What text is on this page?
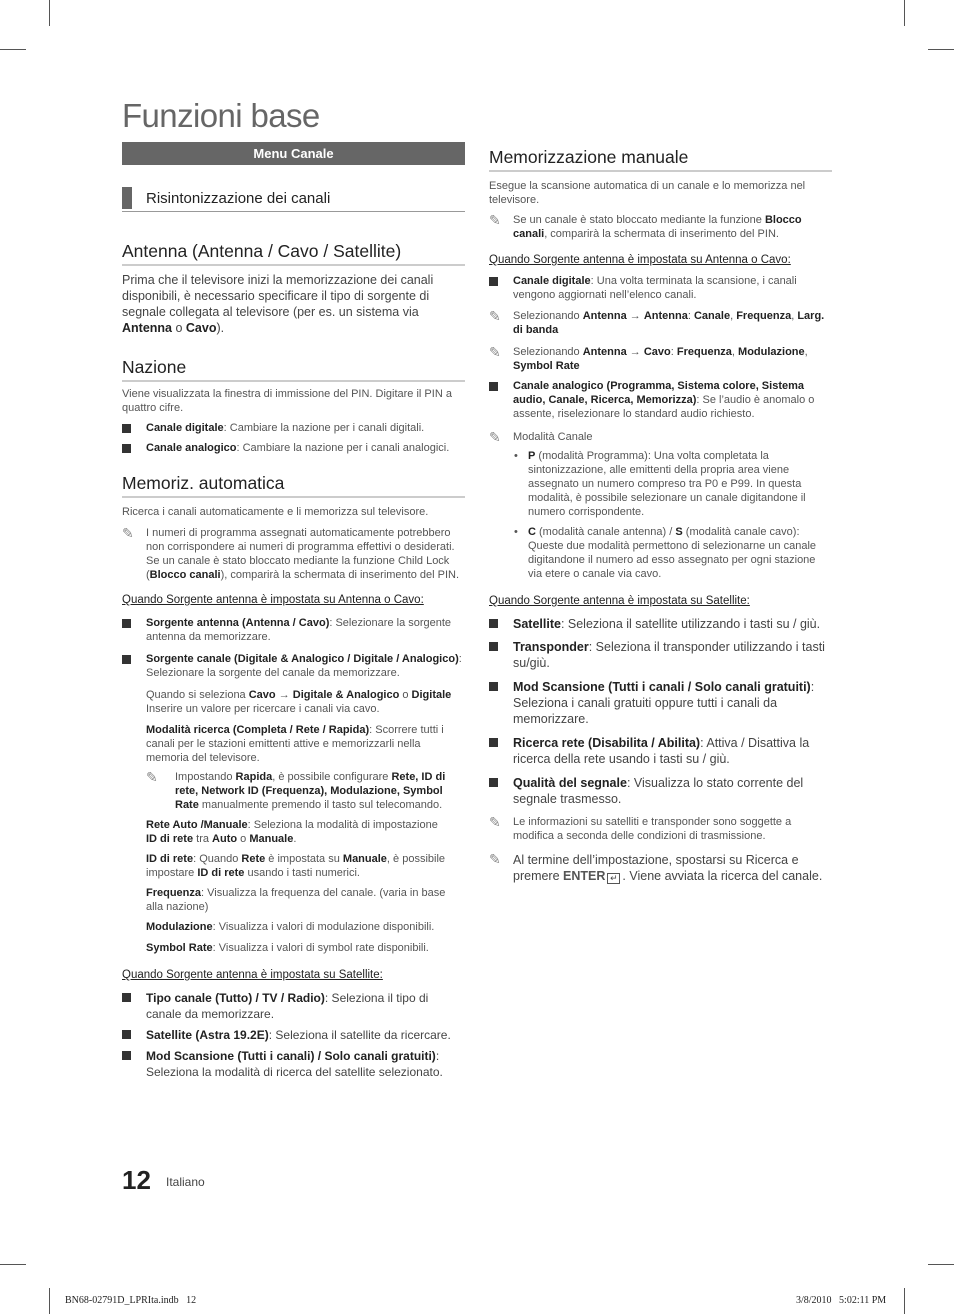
Funzioni base
Menu Canale
Risintonizzazione dei canali
Antenna (Antenna / Cavo / Satellite)
Prima che il televisore inizi la memorizzazione dei canali disponibili, è necessario specificare il tipo di sorgente di segnale collegata al televisore (per es. un sistema via Antenna o Cavo).
Nazione
Viene visualizzata la finestra di immissione del PIN. Digitare il PIN a quattro cifre.
Canale digitale: Cambiare la nazione per i canali digitali.
Canale analogico: Cambiare la nazione per i canali analogici.
Memoriz. automatica
Ricerca i canali automaticamente e li memorizza sul televisore.
✎	I numeri di programma assegnati automaticamente potrebbero non corrispondere ai numeri di programma effettivi o desiderati. Se un canale è stato bloccato mediante la funzione Child Lock (Blocco canali), comparirà la schermata di inserimento del PIN.
Quando Sorgente antenna è impostata su Antenna o Cavo:
Sorgente antenna (Antenna / Cavo): Selezionare la sorgente antenna da memorizzare.
Sorgente canale (Digitale & Analogico / Digitale / Analogico): Selezionare la sorgente del canale da memorizzare.
Quando si seleziona Cavo → Digitale & Analogico o Digitale Inserire un valore per ricercare i canali via cavo.
Modalità ricerca (Completa / Rete / Rapida): Scorrere tutti i canali per le stazioni emittenti attive e memorizzarli nella memoria del televisore.
✎	Impostando Rapida, è possibile configurare Rete, ID di rete, Network ID (Frequenza), Modulazione, Symbol Rate manualmente premendo il tasto sul telecomando.
Rete Auto /Manuale: Seleziona la modalità di impostazione
ID di rete tra Auto o Manuale.
ID di rete: Quando Rete è impostata su Manuale, è possibile impostare ID di rete usando i tasti numerici.
Frequenza: Visualizza la frequenza del canale. (varia in base alla nazione)
Modulazione: Visualizza i valori di modulazione disponibili.
Symbol Rate: Visualizza i valori di symbol rate disponibili.
Quando Sorgente antenna è impostata su Satellite:
Tipo canale (Tutto) / TV / Radio): Seleziona il tipo di canale da memorizzare.
Satellite (Astra 19.2E): Seleziona il satellite da ricercare.
Mod Scansione (Tutti i canali) / Solo canali gratuiti): Seleziona la modalità di ricerca del satellite selezionato.
Memorizzazione manuale
Esegue la scansione automatica di un canale e lo memorizza nel televisore.
✎	Se un canale è stato bloccato mediante la funzione Blocco canali, comparirà la schermata di inserimento del PIN.
Quando Sorgente antenna è impostata su Antenna o Cavo:
Canale digitale: Una volta terminata la scansione, i canali vengono aggiornati nell’elenco canali.
✎	Selezionando Antenna → Antenna: Canale, Frequenza, Larg. di banda
✎	Selezionando Antenna → Cavo: Frequenza, Modulazione, Symbol Rate
Canale analogico (Programma, Sistema colore, Sistema audio, Canale, Ricerca, Memorizza): Se l’audio è anomalo o assente, riselezionare lo standard audio richiesto.
✎	Modalità Canale
• P (modalità Programma): Una volta completata la sintonizzazione, alle emittenti della propria area viene assegnato un numero compreso tra P0 e P99. In questa modalità, è possibile selezionare un canale digitandone il numero corrispondente.
• C (modalità canale antenna) / S (modalità canale cavo): Queste due modalità permettono di selezionarne un canale digitandone il numero ad esso assegnato per ogni stazione via etere o canale via cavo.
Quando Sorgente antenna è impostata su Satellite:
Satellite: Seleziona il satellite utilizzando i tasti su / giù.
Transponder: Seleziona il transponder utilizzando i tasti su/giù.
Mod Scansione (Tutti i canali / Solo canali gratuiti): Seleziona i canali gratuiti oppure tutti i canali da memorizzare.
Ricerca rete (Disabilita / Abilita): Attiva / Disattiva la ricerca della rete usando i tasti su / giù.
Qualità del segnale: Visualizza lo stato corrente del segnale trasmesso.
✎	Le informazioni su satelliti e transponder sono soggette a modifica a seconda delle condizioni di trasmissione.
✎ Al termine dell’impostazione, spostarsi su Ricerca e premere ENTER ↵ . Viene avviata la ricerca del canale.
12 Italiano
BN68-02791D_LPRIta.indb   12	3/8/2010   5:02:11 PM
